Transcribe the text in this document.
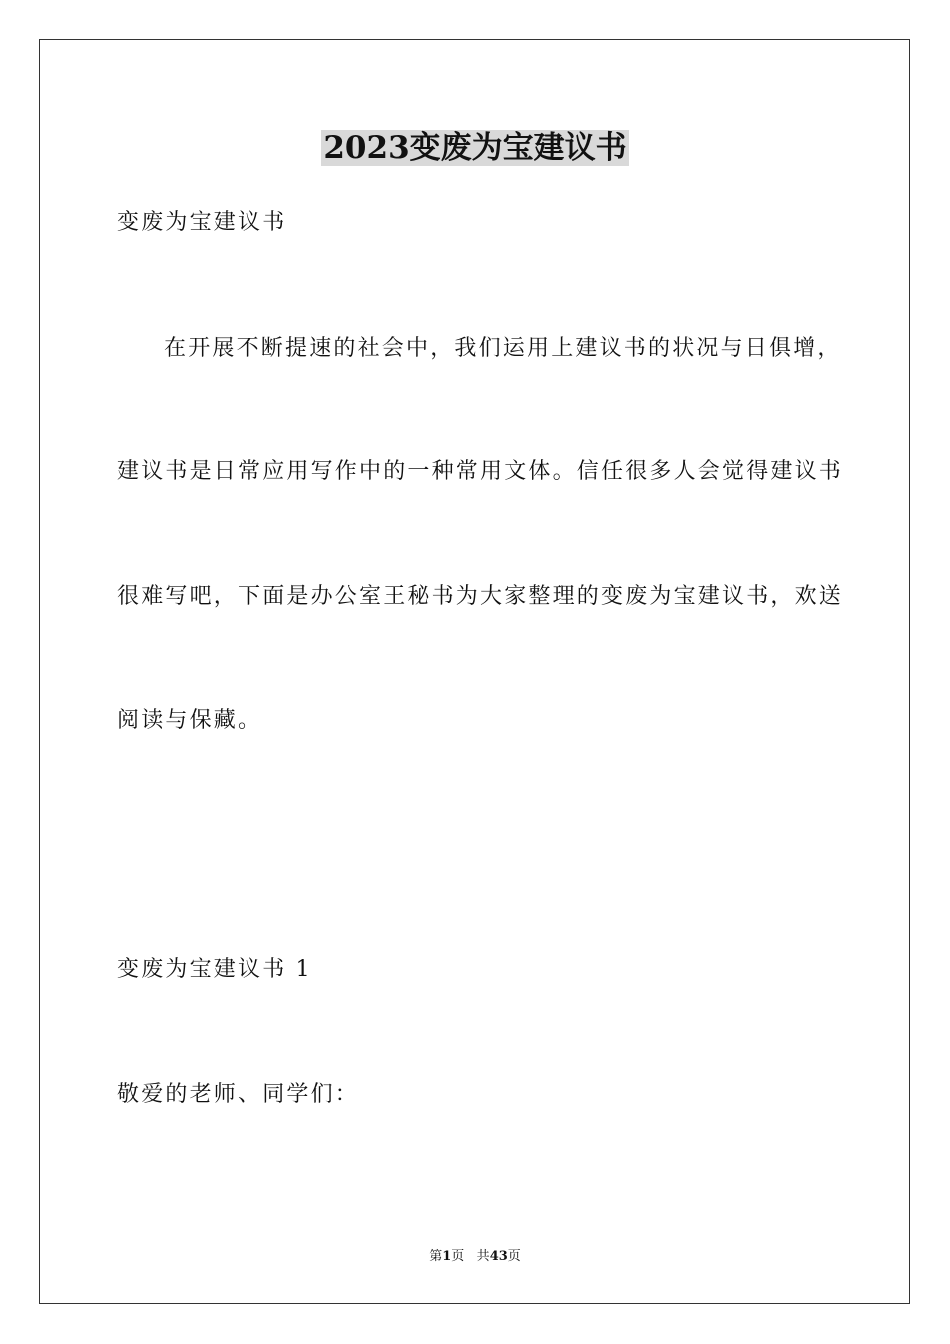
2023变废为宝建议书
变废为宝建议书
在开展不断提速的社会中，我们运用上建议书的状况与日俱增，
建议书是日常应用写作中的一种常用文体。信任很多人会觉得建议书
很难写吧，下面是办公室王秘书为大家整理的变废为宝建议书，欢送
阅读与保藏。
变废为宝建议书 1
敬爱的老师、同学们：
第1页 共43页
